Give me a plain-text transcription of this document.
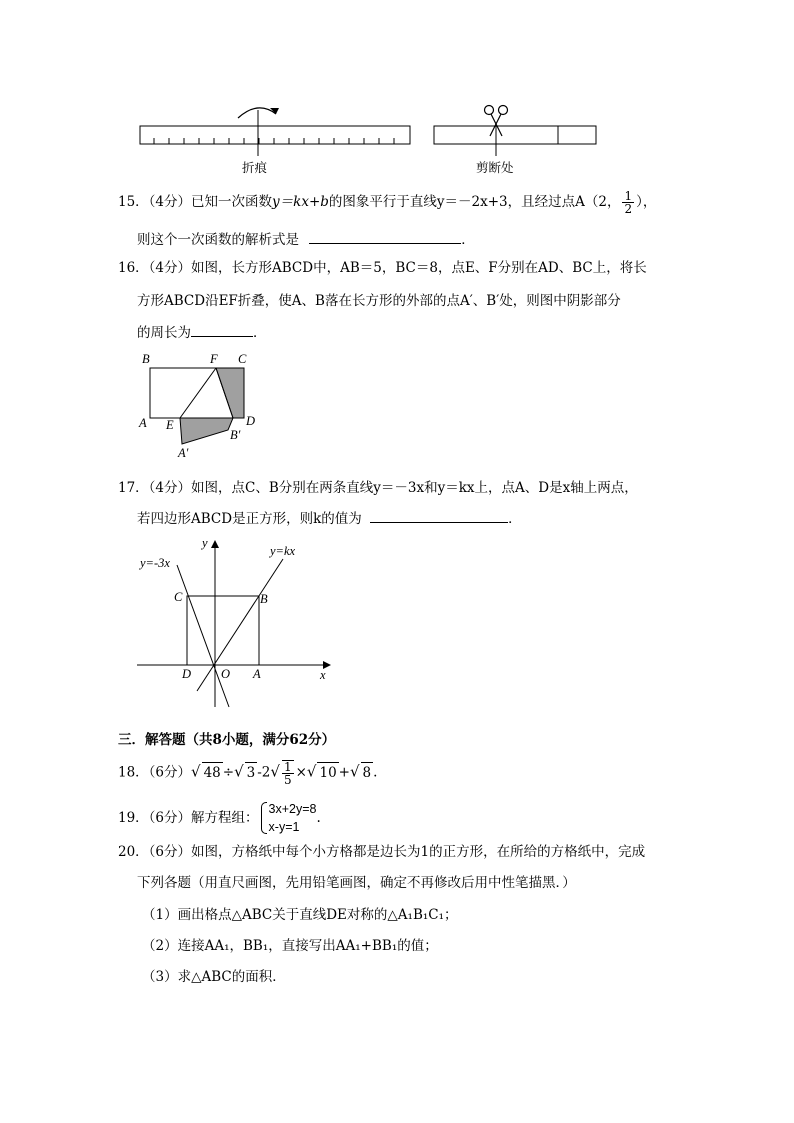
折痕	剪断处
15．（4分）已知一次函数y＝kx+b的图象平行于直线y＝－2x+3，且经过点A（2， $\frac{1}{2}$ ），
则这个一次函数的解析式是	．
16．（4分）如图，长方形ABCD中，AB＝5，BC＝8，点E、F分别在AD、BC上，将长
方形ABCD沿EF折叠，使A、B落在长方形的外部的点A′、B′处，则图中阴影部分
的周长为	．
B	F C
A E	D
A′
B′
17．（4分）如图，点C、B分别在两条直线y＝－3x和y＝kx上，点A、D是x轴上两点，
若四边形ABCD是正方形，则k的值为	．
y
x
y=-3x
y=kx
C	B
D O A
三．解答题（共8小题，满分62分）
18．（6分）√ 48 ÷√ 3 $-2√ \frac{1}{5}$ ×√ 10 +√ 8 .
19．（6分）解方程组：
3x+2y=8
x-y=1
.
20．（6分）如图，方格纸中每个小方格都是边长为1的正方形，在所给的方格纸中，完成
下列各题（用直尺画图，先用铅笔画图，确定不再修改后用中性笔描黑．）
（1）画出格点△ABC关于直线DE对称的△A₁B₁C₁；
（2）连接AA₁，BB₁，直接写出AA₁+BB₁的值；
（3）求△ABC的面积．
